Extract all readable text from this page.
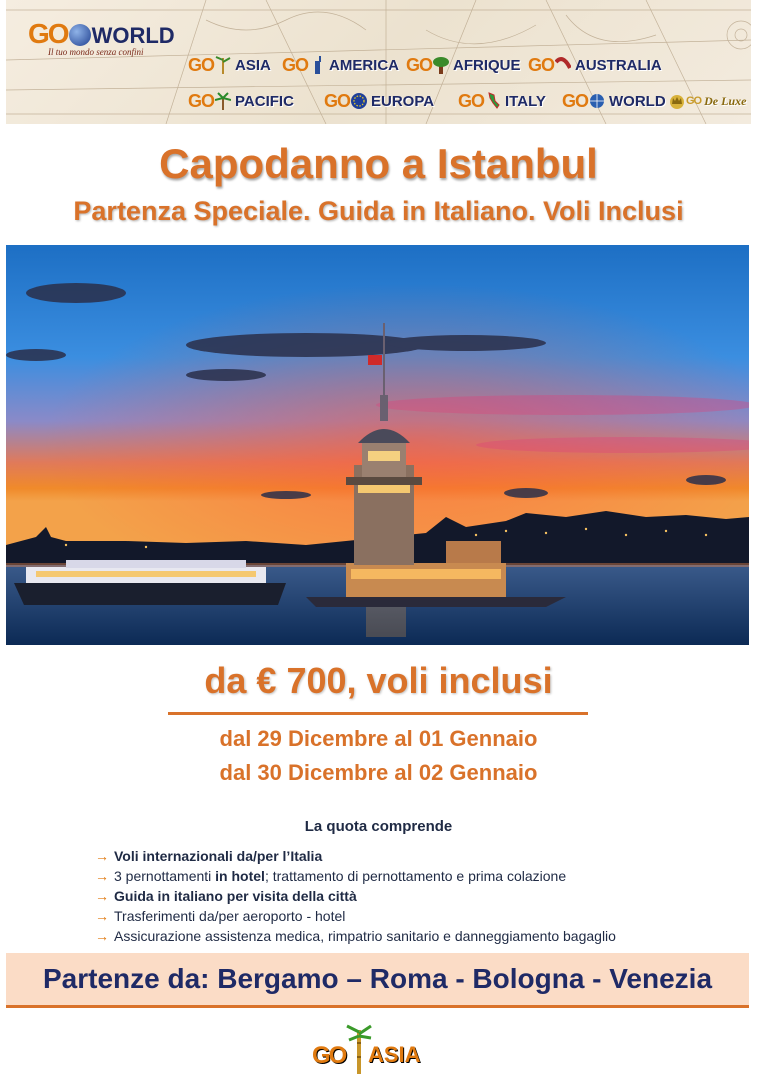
GO WORLD
Il tuo mondo senza confini
GO ASIA GO AMERICA GO AFRIQUE GO AUSTRALIA
GO PACIFIC GO EUROPA GO ITALY GO WORLD GO De Luxe
Capodanno a Istanbul
Partenza Speciale. Guida in Italiano. Voli Inclusi
da € 700, voli inclusi
dal 29 Dicembre al 01 Gennaio
dal 30 Dicembre al 02 Gennaio
La quota comprende
→ Voli internazionali da/per l’Italia
→ 3 pernottamenti in hotel; trattamento di pernottamento e prima colazione
→ Guida in italiano per visita della città
→ Trasferimenti da/per aeroporto - hotel
→ Assicurazione assistenza medica, rimpatrio sanitario e danneggiamento bagaglio
Partenze da: Bergamo – Roma - Bologna - Venezia
GO ASIA
